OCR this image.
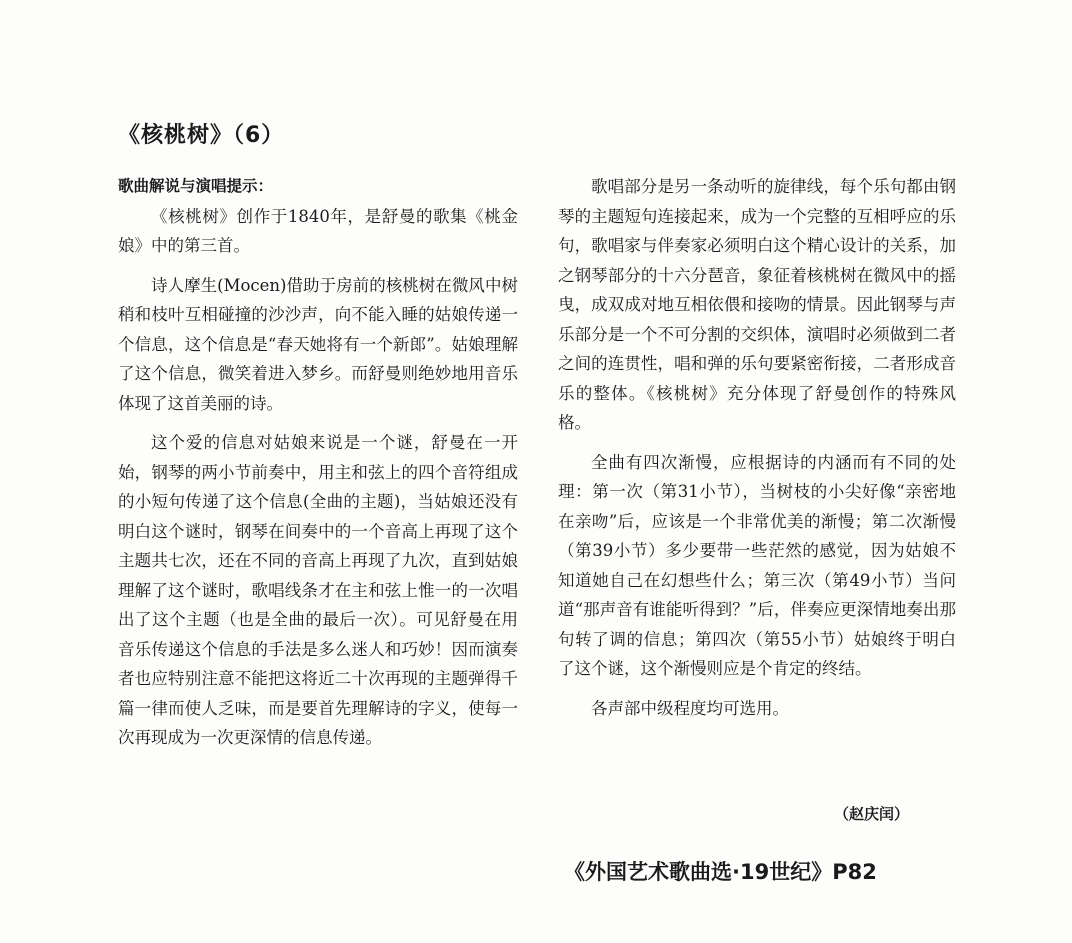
《核桃树》（6）

歌曲解说与演唱提示：

《核桃树》创作于1840年，是舒曼的歌集《桃金娘》中的第三首。

诗人摩生(Mocen)借助于房前的核桃树在微风中树稍和枝叶互相碰撞的沙沙声，向不能入睡的姑娘传递一个信息，这个信息是“春天她将有一个新郎”。姑娘理解了这个信息，微笑着进入梦乡。而舒曼则绝妙地用音乐体现了这首美丽的诗。

这个爱的信息对姑娘来说是一个谜，舒曼在一开始，钢琴的两小节前奏中，用主和弦上的四个音符组成的小短句传递了这个信息(全曲的主题)，当姑娘还没有明白这个谜时，钢琴在间奏中的一个音高上再现了这个主题共七次，还在不同的音高上再现了九次，直到姑娘理解了这个谜时，歌唱线条才在主和弦上惟一的一次唱出了这个主题（也是全曲的最后一次）。可见舒曼在用音乐传递这个信息的手法是多么迷人和巧妙！因而演奏者也应特别注意不能把这将近二十次再现的主题弹得千篇一律而使人乏味，而是要首先理解诗的字义，使每一次再现成为一次更深情的信息传递。

歌唱部分是另一条动听的旋律线，每个乐句都由钢琴的主题短句连接起来，成为一个完整的互相呼应的乐句，歌唱家与伴奏家必须明白这个精心设计的关系，加之钢琴部分的十六分琶音，象征着核桃树在微风中的摇曳，成双成对地互相依偎和接吻的情景。因此钢琴与声乐部分是一个不可分割的交织体，演唱时必须做到二者之间的连贯性，唱和弹的乐句要紧密衔接，二者形成音乐的整体。《核桃树》充分体现了舒曼创作的特殊风格。

全曲有四次渐慢，应根据诗的内涵而有不同的处理：第一次（第31小节），当树枝的小尖好像“亲密地在亲吻”后，应该是一个非常优美的渐慢；第二次渐慢（第39小节）多少要带一些茫然的感觉，因为姑娘不知道她自己在幻想些什么；第三次（第49小节）当问道“那声音有谁能听得到？”后，伴奏应更深情地奏出那句转了调的信息；第四次（第55小节）姑娘终于明白了这个谜，这个渐慢则应是个肯定的终结。

各声部中级程度均可选用。

（赵庆闰）

《外国艺术歌曲选·19世纪》P82
